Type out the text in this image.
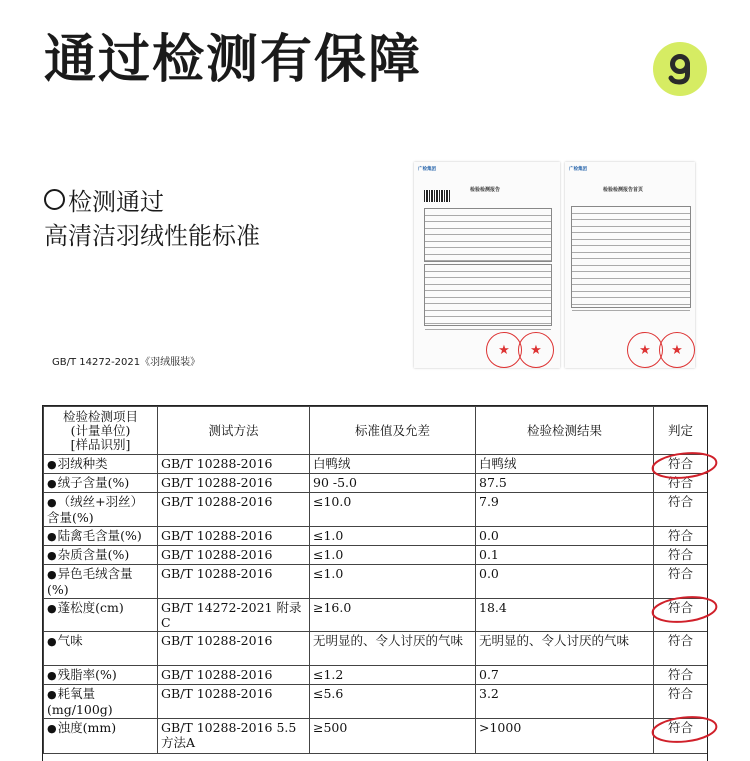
通过检测有保障
检测通过
高清洁羽绒性能标准
GB/T 14272-2021《羽绒服装》
广检集团
检验检测报告
★	★
广检集团
检验检测报告首页
★	★
检验检测项目
(计量单位)
[样品识别]	测试方法	标准值及允差	检验检测结果	判定
● 羽绒种类	GB/T 10288-2016	白鸭绒	白鸭绒	符合
● 绒子含量(%)	GB/T 10288-2016	90 -5.0	87.5	符合
● （绒丝+羽丝）含量(%)	GB/T 10288-2016	≤10.0	7.9	符合
● 陆禽毛含量(%)	GB/T 10288-2016	≤1.0	0.0	符合
● 杂质含量(%)	GB/T 10288-2016	≤1.0	0.1	符合
● 异色毛绒含量(%)	GB/T 10288-2016	≤1.0	0.0	符合
● 蓬松度(cm)	GB/T 14272-2021 附录C	≥16.0	18.4	符合
● 气味	GB/T 10288-2016	无明显的、令人讨厌的气味	无明显的、令人讨厌的气味	符合
● 残脂率(%)	GB/T 10288-2016	≤1.2	0.7	符合
● 耗氧量(mg/100g)	GB/T 10288-2016	≤5.6	3.2	符合
● 浊度(mm)	GB/T 10288-2016 5.5 方法A	≥500	>1000	符合
